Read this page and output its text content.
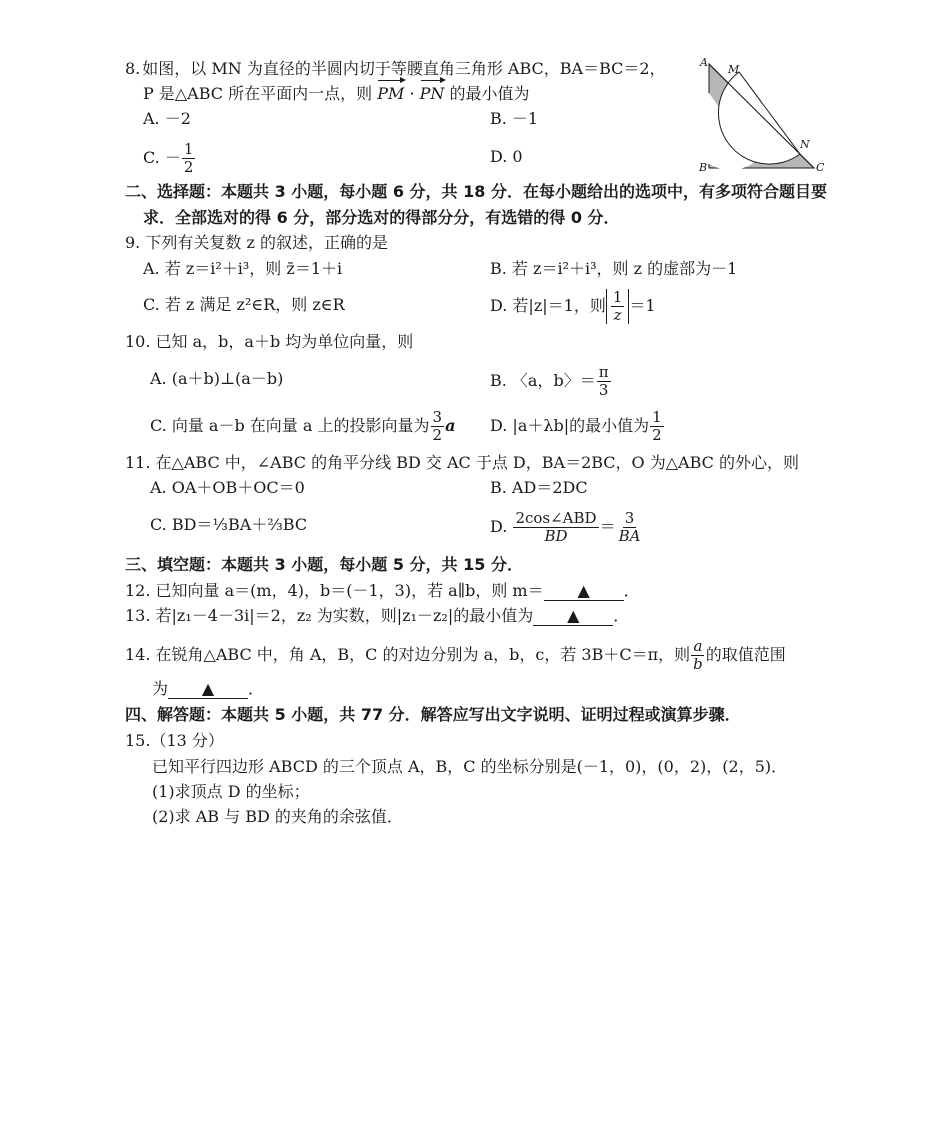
8. 如图，以 MN 为直径的半圆内切于等腰直角三角形 ABC，BA＝BC＝2，
P 是△ABC 所在平面内一点，则 PM · PN 的最小值为
A. －2	B. －1
C. － $\frac{1}{2}$	D. 0
A
M
N
B	C
二、选择题：本题共 3 小题，每小题 6 分，共 18 分．在每小题给出的选项中，有多项符合题目要
求．全部选对的得 6 分，部分选对的得部分分，有选错的得 0 分．
9. 下列有关复数 z 的叙述，正确的是
A. 若 z＝i²＋i³，则 z̄＝1＋i	B. 若 z＝i²＋i³，则 z 的虚部为－1
C. 若 z 满足 z²∈R，则 z∈R	D. 若|z|＝1，则 $\frac{1}{z} =1$
10. 已知 a，b，a＋b 均为单位向量，则
A. (a＋b)⊥(a－b)	B. 〈a，b〉＝ $\frac{\pi}{3}$
C. 向量 a－b 在向量 a 上的投影向量为 $\frac{3}{2}$ a D. |a＋λb|的最小值为 $\frac{1}{2}$
11. 在△ABC 中，∠ABC 的角平分线 BD 交 AC 于点 D，BA＝2BC，O 为△ABC 的外心，则
A. OA＋OB＋OC＝0	B. AD＝2DC
C. BD＝⅓BA＋⅔BC	D. $\frac{\text{2cos∠ABD}}{BD} = \frac{3}{BA}$
三、填空题：本题共 3 小题，每小题 5 分，共 15 分．
12. 已知向量 a＝(m，4)，b＝(－1，3)，若 a∥b，则 m＝ ▲ ．
13. 若|z₁－4－3i|＝2，z₂ 为实数，则|z₁－z₂|的最小值为 ▲ ．
14. 在锐角△ABC 中，角 A，B，C 的对边分别为 a，b，c，若 3B＋C＝π，则 $\frac{a}{b}$ 的取值范围
为 ▲ ．
四、解答题：本题共 5 小题，共 77 分．解答应写出文字说明、证明过程或演算步骤．
15.（13 分）
已知平行四边形 ABCD 的三个顶点 A，B，C 的坐标分别是(－1，0)，(0，2)，(2，5)．
(1)求顶点 D 的坐标；
(2)求 AB 与 BD 的夹角的余弦值．
